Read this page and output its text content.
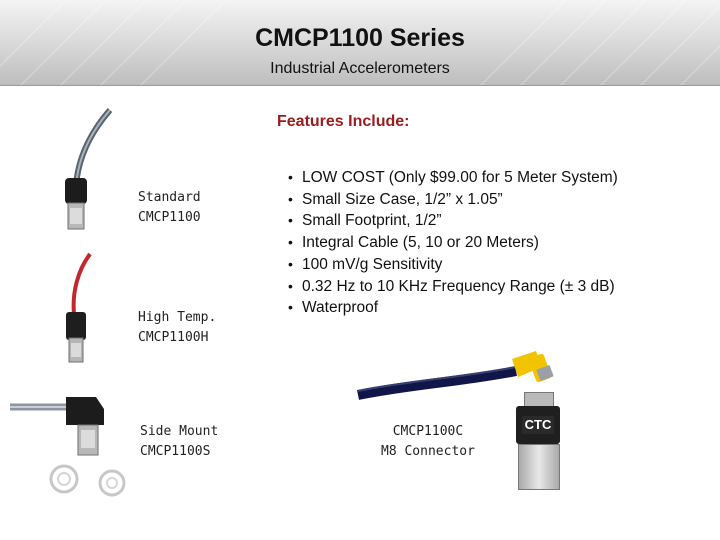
CMCP1100 Series
Industrial Accelerometers
Features Include:
• LOW COST (Only $99.00 for 5 Meter System)
• Small Size Case, 1/2” x 1.05”
• Small Footprint, 1/2”
• Integral Cable (5, 10 or 20 Meters)
• 100 mV/g Sensitivity
• 0.32 Hz to 10 KHz Frequency Range (± 3 dB)
• Waterproof
Standard
CMCP1100
High Temp.
CMCP1100H
Side Mount
CMCP1100S
CMCP1100C
M8 Connector
CTC
